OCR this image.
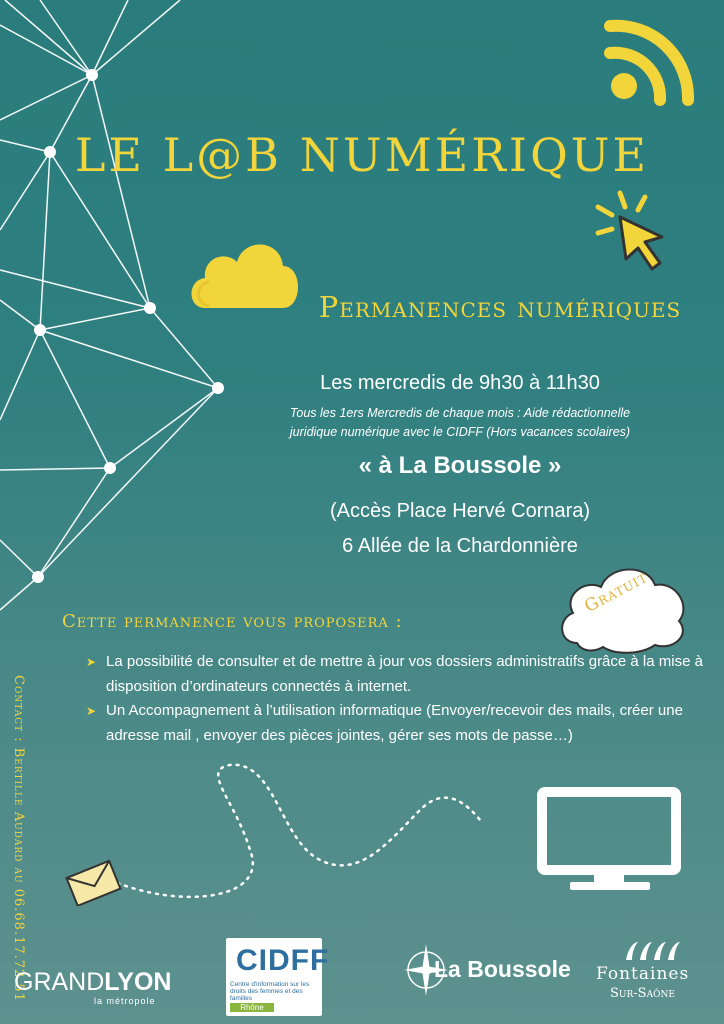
LE L@B NUMÉRIQUE
Permanences numériques
Les mercredis de 9h30 à 11h30
Tous les 1ers Mercredis de chaque mois : Aide rédactionnelle
juridique numérique avec le CIDFF (Hors vacances scolaires)
« à La Boussole »
(Accès Place Hervé Cornara)
6 Allée de la Chardonnière
Gratuit
Cette permanence vous proposera :
➤ La possibilité de consulter et de mettre à jour vos dossiers administratifs grâce à la mise à disposition d’ordinateurs connectés à internet.
➤ Un Accompagnement à l’utilisation informatique (Envoyer/recevoir des mails, créer une adresse mail , envoyer des pièces jointes, gérer ses mots de passe…)
Contact : Bertille Audard au 06.68.17.72.51
GRANDLYON
la métropole
CIDFF
Centre d'information sur les droits des femmes et des familles
Rhône
La Boussole Fontaines
Sur-Saône
